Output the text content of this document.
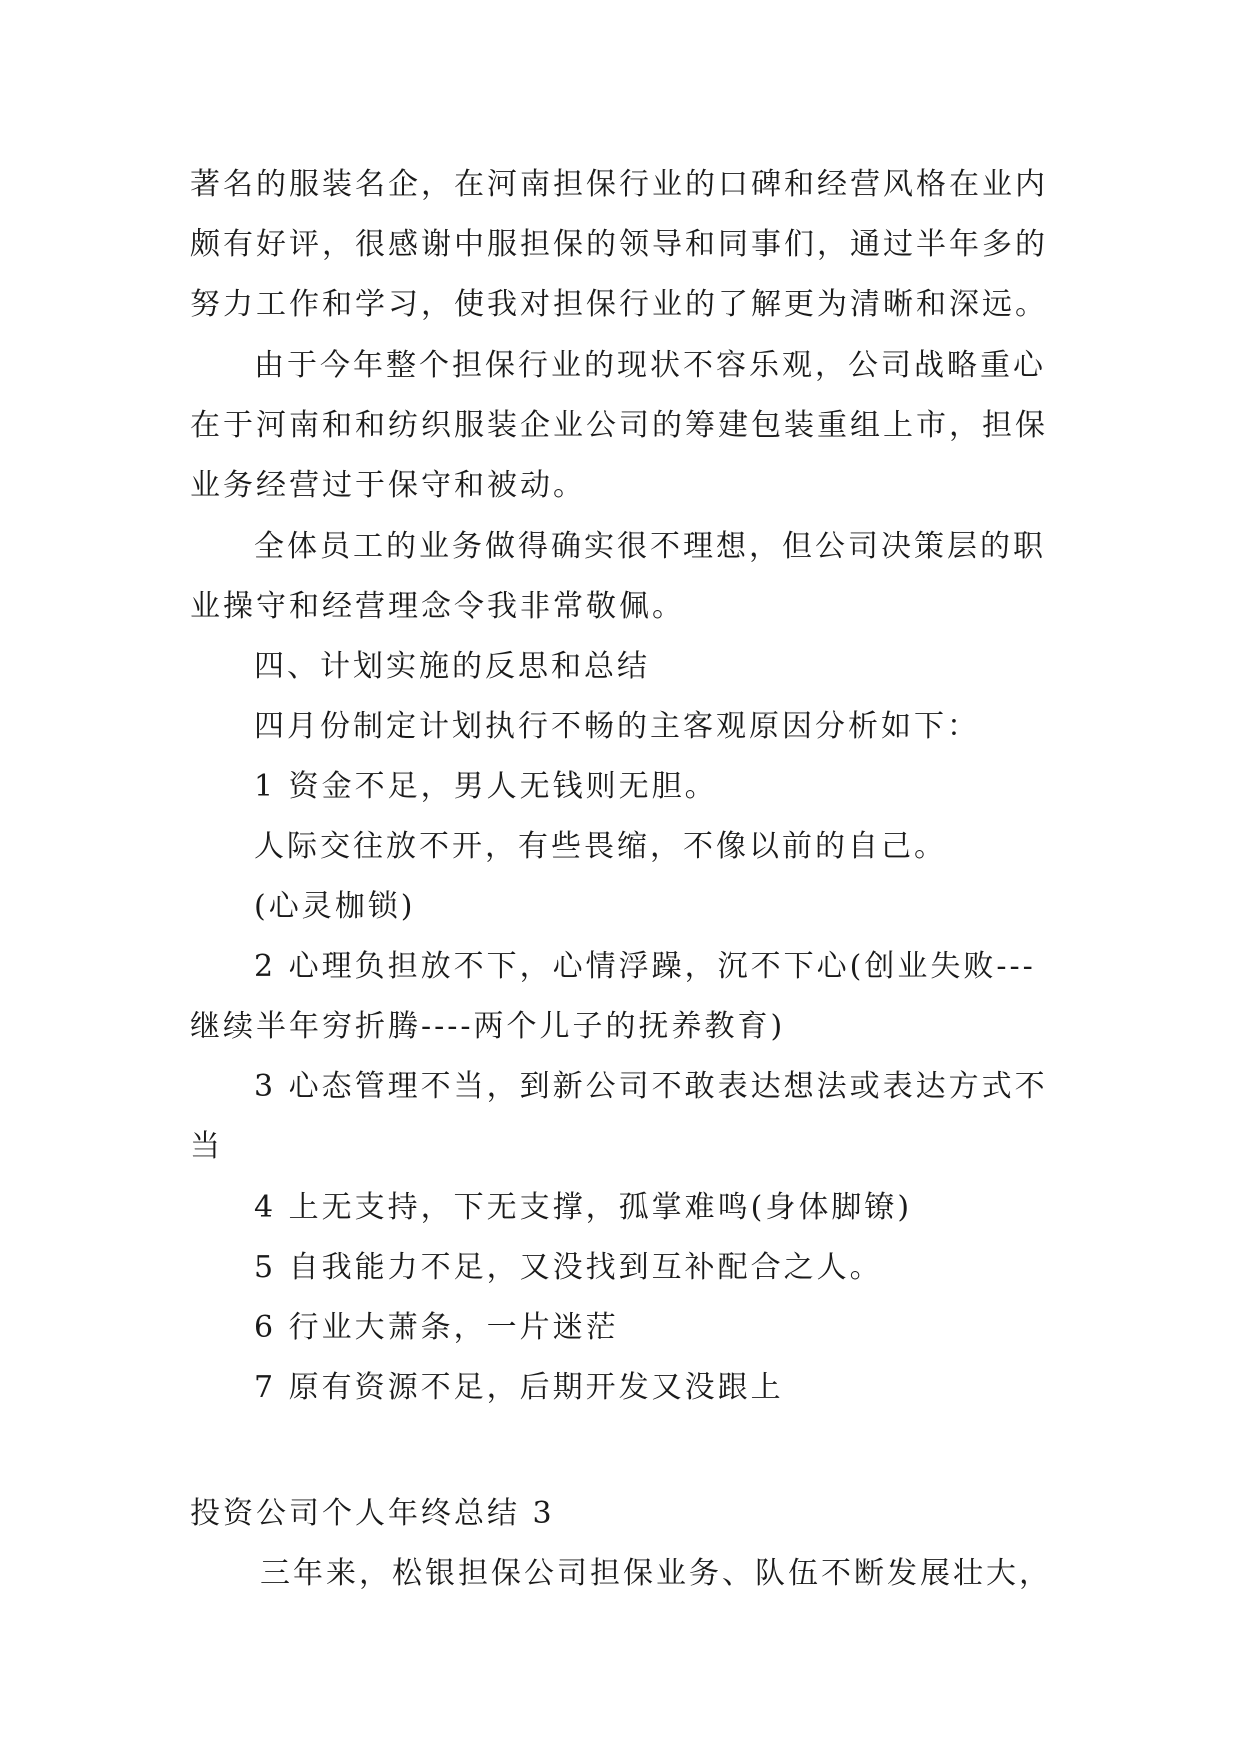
著名的服装名企，在河南担保行业的口碑和经营风格在业内
颇有好评，很感谢中服担保的领导和同事们，通过半年多的
努力工作和学习，使我对担保行业的了解更为清晰和深远。
由于今年整个担保行业的现状不容乐观，公司战略重心
在于河南和和纺织服装企业公司的筹建包装重组上市，担保
业务经营过于保守和被动。
全体员工的业务做得确实很不理想，但公司决策层的职
业操守和经营理念令我非常敬佩。
四、计划实施的反思和总结
四月份制定计划执行不畅的主客观原因分析如下：
1 资金不足，男人无钱则无胆。
人际交往放不开，有些畏缩，不像以前的自己。
(心灵枷锁)
2 心理负担放不下，心情浮躁，沉不下心(创业失败---
继续半年穷折腾----两个儿子的抚养教育)
3 心态管理不当，到新公司不敢表达想法或表达方式不
当
4 上无支持，下无支撑，孤掌难鸣(身体脚镣)
5 自我能力不足，又没找到互补配合之人。
6 行业大萧条，一片迷茫
7 原有资源不足，后期开发又没跟上
投资公司个人年终总结 3
三年来，松银担保公司担保业务、队伍不断发展壮大，
